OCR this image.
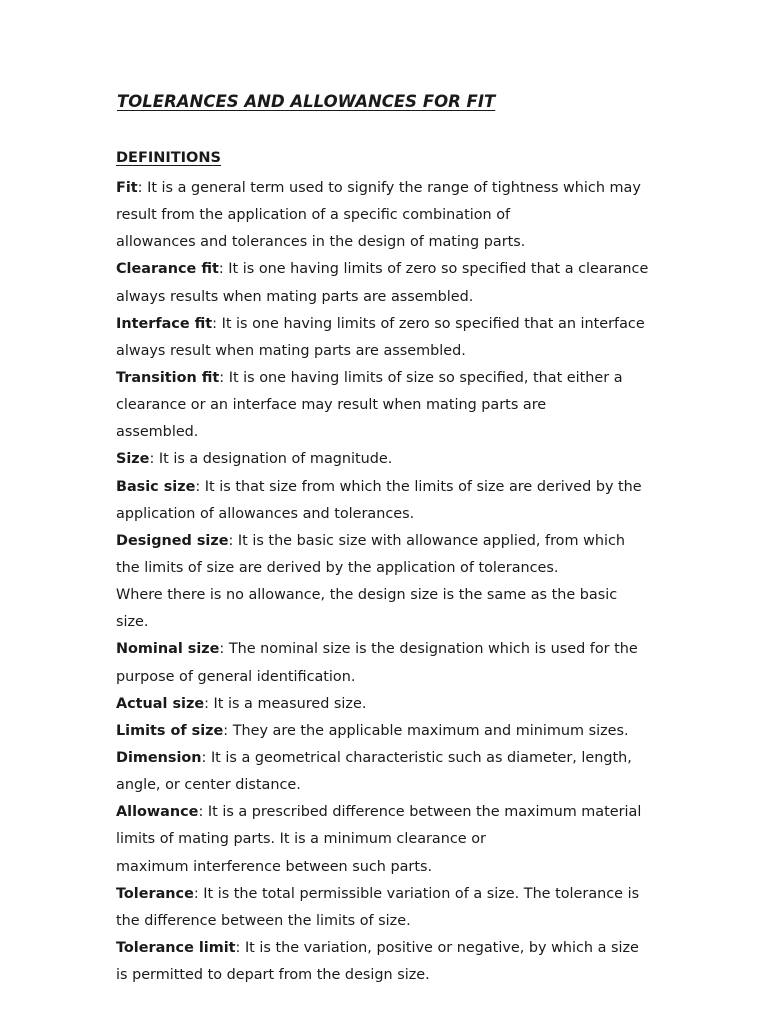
TOLERANCES AND ALLOWANCES FOR FIT
DEFINITIONS
Fit: It is a general term used to signify the range of tightness which may
result from the application of a specific combination of
allowances and tolerances in the design of mating parts.
Clearance fit: It is one having limits of zero so specified that a clearance
always results when mating parts are assembled.
Interface fit: It is one having limits of zero so specified that an interface
always result when mating parts are assembled.
Transition fit: It is one having limits of size so specified, that either a
clearance or an interface may result when mating parts are
assembled.
Size: It is a designation of magnitude.
Basic size: It is that size from which the limits of size are derived by the
application of allowances and tolerances.
Designed size: It is the basic size with allowance applied, from which
the limits of size are derived by the application of tolerances.
Where there is no allowance, the design size is the same as the basic
size.
Nominal size: The nominal size is the designation which is used for the
purpose of general identification.
Actual size: It is a measured size.
Limits of size: They are the applicable maximum and minimum sizes.
Dimension: It is a geometrical characteristic such as diameter, length,
angle, or center distance.
Allowance: It is a prescribed difference between the maximum material
limits of mating parts. It is a minimum clearance or
maximum interference between such parts.
Tolerance: It is the total permissible variation of a size. The tolerance is
the difference between the limits of size.
Tolerance limit: It is the variation, positive or negative, by which a size
is permitted to depart from the design size.
